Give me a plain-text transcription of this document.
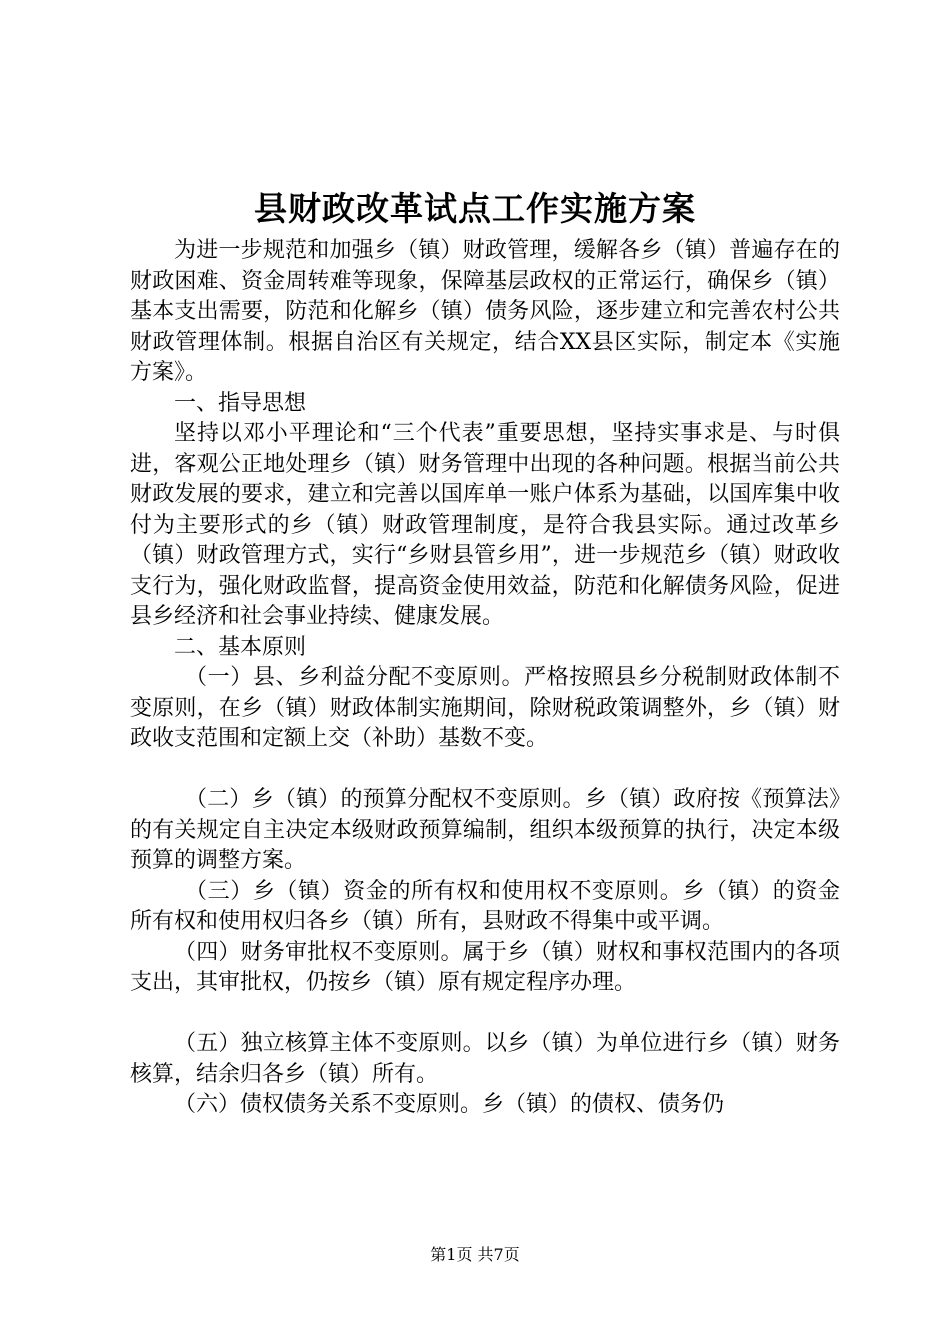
县财政改革试点工作实施方案

为进一步规范和加强乡（镇）财政管理，缓解各乡（镇）普遍存在的财政困难、资金周转难等现象，保障基层政权的正常运行，确保乡（镇）基本支出需要，防范和化解乡（镇）债务风险，逐步建立和完善农村公共财政管理体制。根据自治区有关规定，结合XX县区实际，制定本《实施方案》。

一、指导思想

坚持以邓小平理论和“三个代表”重要思想，坚持实事求是、与时俱进，客观公正地处理乡（镇）财务管理中出现的各种问题。根据当前公共财政发展的要求，建立和完善以国库单一账户体系为基础，以国库集中收付为主要形式的乡（镇）财政管理制度，是符合我县实际。通过改革乡（镇）财政管理方式，实行“乡财县管乡用”，进一步规范乡（镇）财政收支行为，强化财政监督，提高资金使用效益，防范和化解债务风险，促进县乡经济和社会事业持续、健康发展。

二、基本原则

（一）县、乡利益分配不变原则。严格按照县乡分税制财政体制不变原则，在乡（镇）财政体制实施期间，除财税政策调整外，乡（镇）财政收支范围和定额上交（补助）基数不变。

（二）乡（镇）的预算分配权不变原则。乡（镇）政府按《预算法》的有关规定自主决定本级财政预算编制，组织本级预算的执行，决定本级预算的调整方案。

（三）乡（镇）资金的所有权和使用权不变原则。乡（镇）的资金所有权和使用权归各乡（镇）所有，县财政不得集中或平调。

（四）财务审批权不变原则。属于乡（镇）财权和事权范围内的各项支出，其审批权，仍按乡（镇）原有规定程序办理。

（五）独立核算主体不变原则。以乡（镇）为单位进行乡（镇）财务核算，结余归各乡（镇）所有。

（六）债权债务关系不变原则。乡（镇）的债权、债务仍

第1页 共7页
